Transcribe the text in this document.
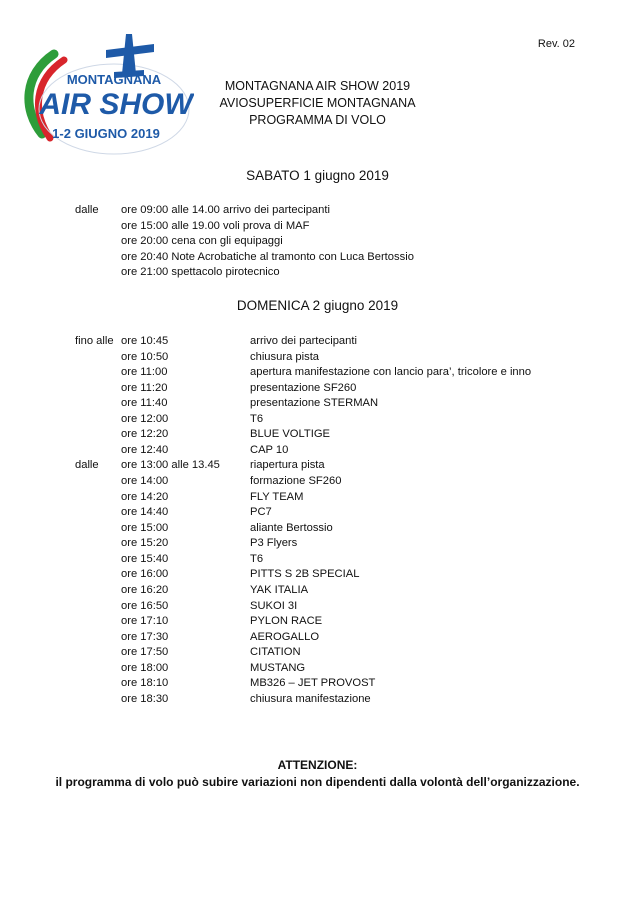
Rev. 02
MONTAGNANA
AIR SHOW
1-2 GIUGNO 2019
MONTAGNANA AIR SHOW 2019
AVIOSUPERFICIE MONTAGNANA
PROGRAMMA DI VOLO
SABATO 1 giugno 2019
dalle ore 09:00 alle 14.00 arrivo dei partecipanti
ore 15:00 alle 19.00 voli prova di MAF
ore 20:00 cena con gli equipaggi
ore 20:40 Note Acrobatiche al tramonto con Luca Bertossio
ore 21:00 spettacolo pirotecnico
DOMENICA 2 giugno 2019
fino alle ore 10:45	arrivo dei partecipanti
ore 10:50	chiusura pista
ore 11:00	apertura manifestazione con lancio para’, tricolore e inno
ore 11:20	presentazione SF260
ore 11:40	presentazione STERMAN
ore 12:00	T6
ore 12:20	BLUE VOLTIGE
ore 12:40	CAP 10
dalle ore 13:00 alle 13.45	riapertura pista
ore 14:00	formazione SF260
ore 14:20	FLY TEAM
ore 14:40	PC7
ore 15:00	aliante Bertossio
ore 15:20	P3 Flyers
ore 15:40	T6
ore 16:00	PITTS S 2B SPECIAL
ore 16:20	YAK ITALIA
ore 16:50	SUKOI 3I
ore 17:10	PYLON RACE
ore 17:30	AEROGALLO
ore 17:50	CITATION
ore 18:00	MUSTANG
ore 18:10	MB326 – JET PROVOST
ore 18:30	chiusura manifestazione
ATTENZIONE:
il programma di volo può subire variazioni non dipendenti dalla volontà dell’organizzazione.
